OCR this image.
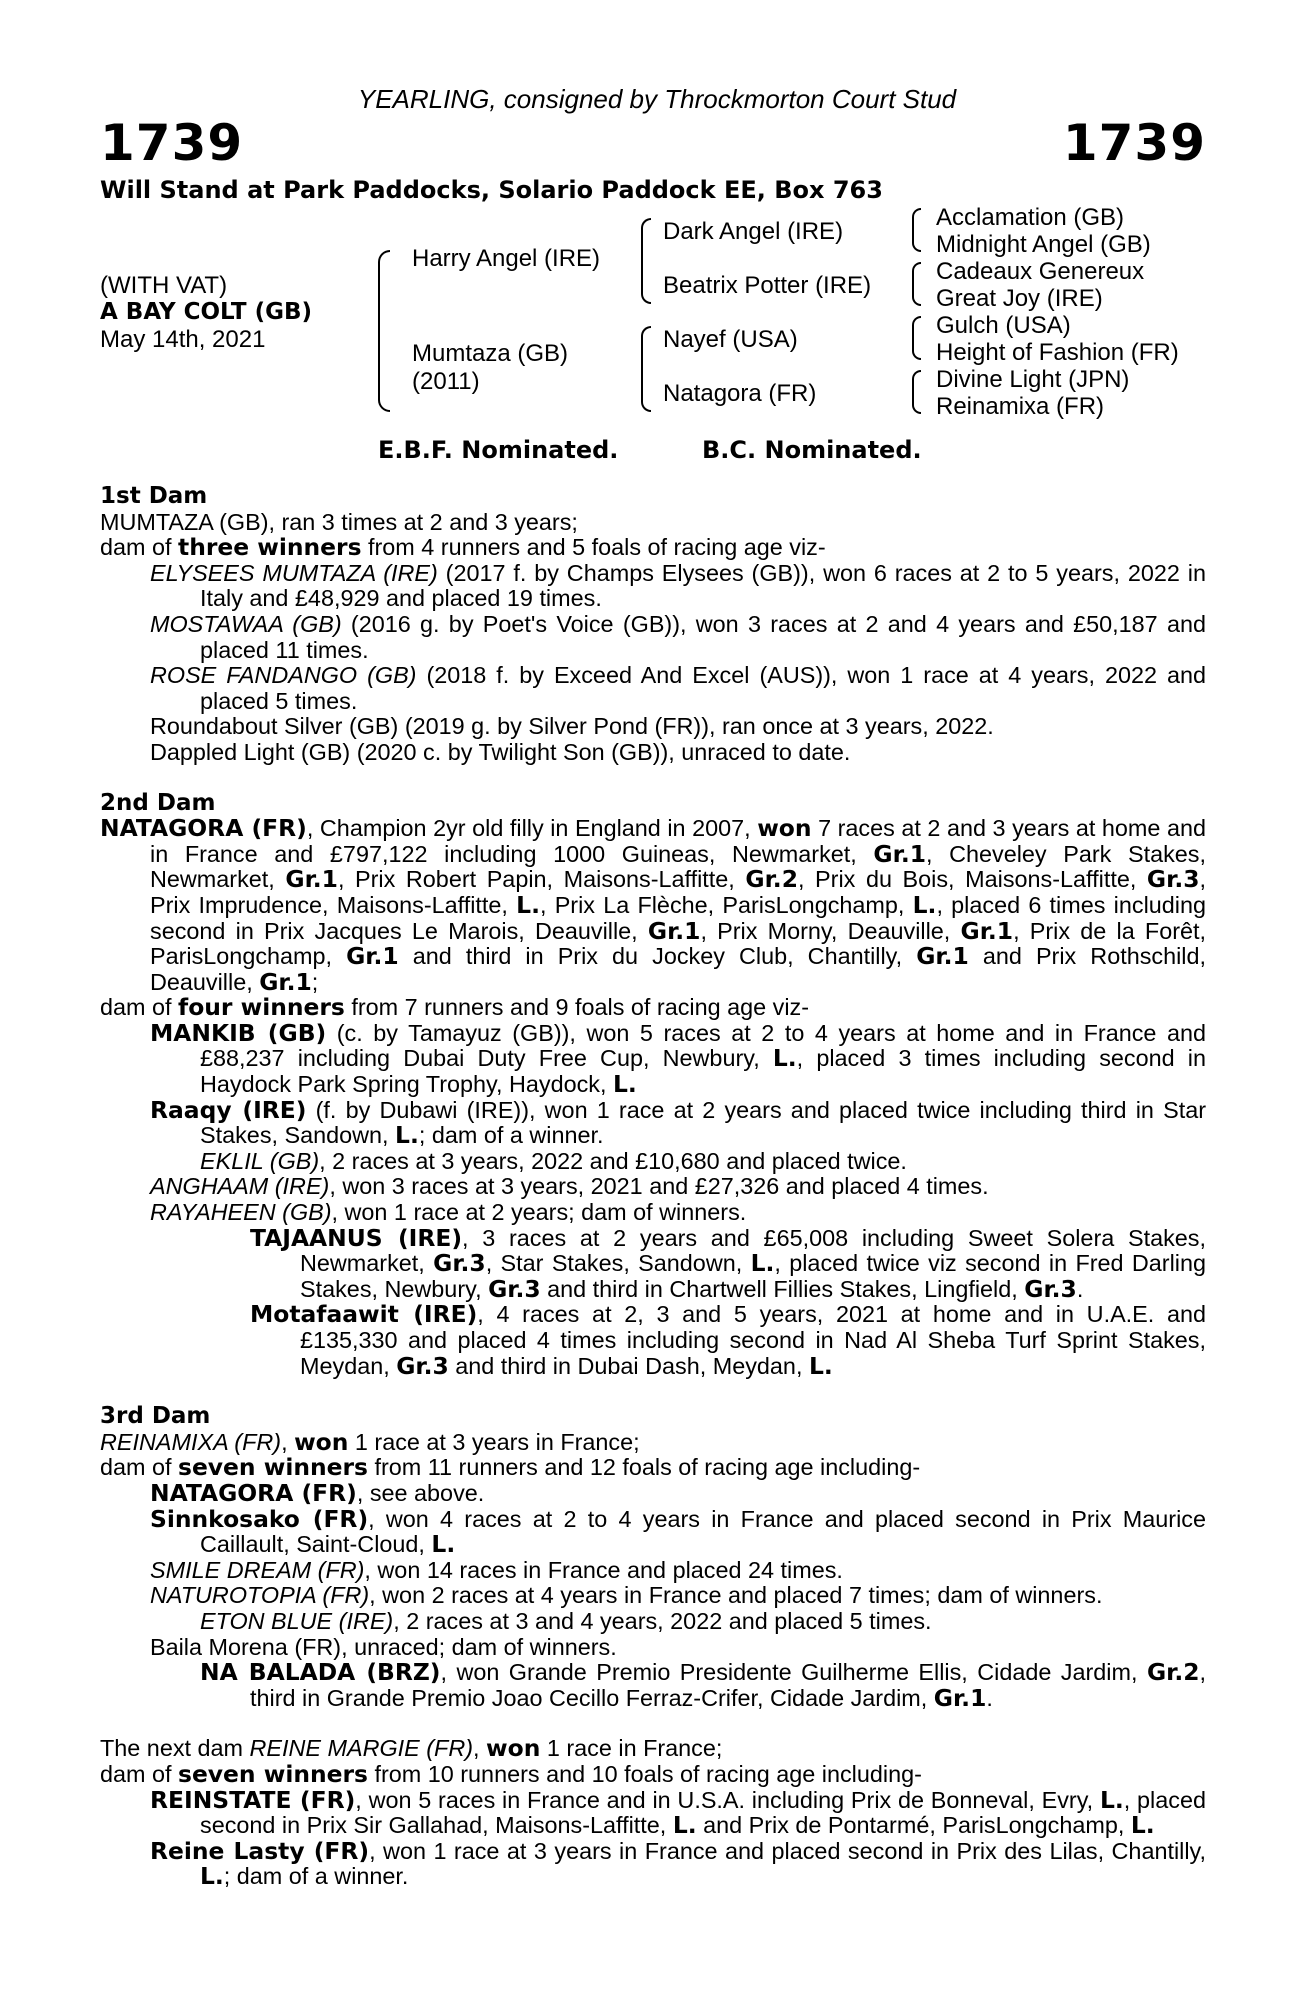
YEARLING, consigned by Throckmorton Court Stud
1739	1739
Will Stand at Park Paddocks, Solario Paddock EE, Box 763
(WITH VAT)
A BAY COLT (GB)
May 14th, 2021
Harry Angel (IRE)
Mumtaza (GB)
(2011)
Dark Angel (IRE)
Beatrix Potter (IRE)
Nayef (USA)
Natagora (FR)
Acclamation (GB)
Midnight Angel (GB)
Cadeaux Genereux
Great Joy (IRE)
Gulch (USA)
Height of Fashion (FR)
Divine Light (JPN)
Reinamixa (FR)
E.B.F. Nominated.	B.C. Nominated.
1st Dam
MUMTAZA (GB), ran 3 times at 2 and 3 years;
dam of three winners from 4 runners and 5 foals of racing age viz-
ELYSEES MUMTAZA (IRE) (2017 f. by Champs Elysees (GB)), won 6 races at 2 to 5 years, 2022 in Italy and £48,929 and placed 19 times.
MOSTAWAA (GB) (2016 g. by Poet's Voice (GB)), won 3 races at 2 and 4 years and £50,187 and placed 11 times.
ROSE FANDANGO (GB) (2018 f. by Exceed And Excel (AUS)), won 1 race at 4 years, 2022 and placed 5 times.
Roundabout Silver (GB) (2019 g. by Silver Pond (FR)), ran once at 3 years, 2022.
Dappled Light (GB) (2020 c. by Twilight Son (GB)), unraced to date.
2nd Dam
NATAGORA (FR), Champion 2yr old filly in England in 2007, won 7 races at 2 and 3 years at home and in France and £797,122 including 1000 Guineas, Newmarket, Gr.1, Cheveley Park Stakes, Newmarket, Gr.1, Prix Robert Papin, Maisons-Laffitte, Gr.2, Prix du Bois, Maisons-Laffitte, Gr.3, Prix Imprudence, Maisons-Laffitte, L., Prix La Flèche, ParisLongchamp, L., placed 6 times including second in Prix Jacques Le Marois, Deauville, Gr.1, Prix Morny, Deauville, Gr.1, Prix de la Forêt, ParisLongchamp, Gr.1 and third in Prix du Jockey Club, Chantilly, Gr.1 and Prix Rothschild, Deauville, Gr.1;
dam of four winners from 7 runners and 9 foals of racing age viz-
MANKIB (GB) (c. by Tamayuz (GB)), won 5 races at 2 to 4 years at home and in France and £88,237 including Dubai Duty Free Cup, Newbury, L., placed 3 times including second in Haydock Park Spring Trophy, Haydock, L.
Raaqy (IRE) (f. by Dubawi (IRE)), won 1 race at 2 years and placed twice including third in Star Stakes, Sandown, L.; dam of a winner.
EKLIL (GB), 2 races at 3 years, 2022 and £10,680 and placed twice.
ANGHAAM (IRE), won 3 races at 3 years, 2021 and £27,326 and placed 4 times.
RAYAHEEN (GB), won 1 race at 2 years; dam of winners.
TAJAANUS (IRE), 3 races at 2 years and £65,008 including Sweet Solera Stakes, Newmarket, Gr.3, Star Stakes, Sandown, L., placed twice viz second in Fred Darling Stakes, Newbury, Gr.3 and third in Chartwell Fillies Stakes, Lingfield, Gr.3.
Motafaawit (IRE), 4 races at 2, 3 and 5 years, 2021 at home and in U.A.E. and £135,330 and placed 4 times including second in Nad Al Sheba Turf Sprint Stakes, Meydan, Gr.3 and third in Dubai Dash, Meydan, L.
3rd Dam
REINAMIXA (FR), won 1 race at 3 years in France;
dam of seven winners from 11 runners and 12 foals of racing age including-
NATAGORA (FR), see above.
Sinnkosako (FR), won 4 races at 2 to 4 years in France and placed second in Prix Maurice Caillault, Saint-Cloud, L.
SMILE DREAM (FR), won 14 races in France and placed 24 times.
NATUROTOPIA (FR), won 2 races at 4 years in France and placed 7 times; dam of winners.
ETON BLUE (IRE), 2 races at 3 and 4 years, 2022 and placed 5 times.
Baila Morena (FR), unraced; dam of winners.
NA BALADA (BRZ), won Grande Premio Presidente Guilherme Ellis, Cidade Jardim, Gr.2, third in Grande Premio Joao Cecillo Ferraz-Crifer, Cidade Jardim, Gr.1.
The next dam REINE MARGIE (FR), won 1 race in France;
dam of seven winners from 10 runners and 10 foals of racing age including-
REINSTATE (FR), won 5 races in France and in U.S.A. including Prix de Bonneval, Evry, L., placed second in Prix Sir Gallahad, Maisons-Laffitte, L. and Prix de Pontarmé, ParisLongchamp, L.
Reine Lasty (FR), won 1 race at 3 years in France and placed second in Prix des Lilas, Chantilly, L.; dam of a winner.
